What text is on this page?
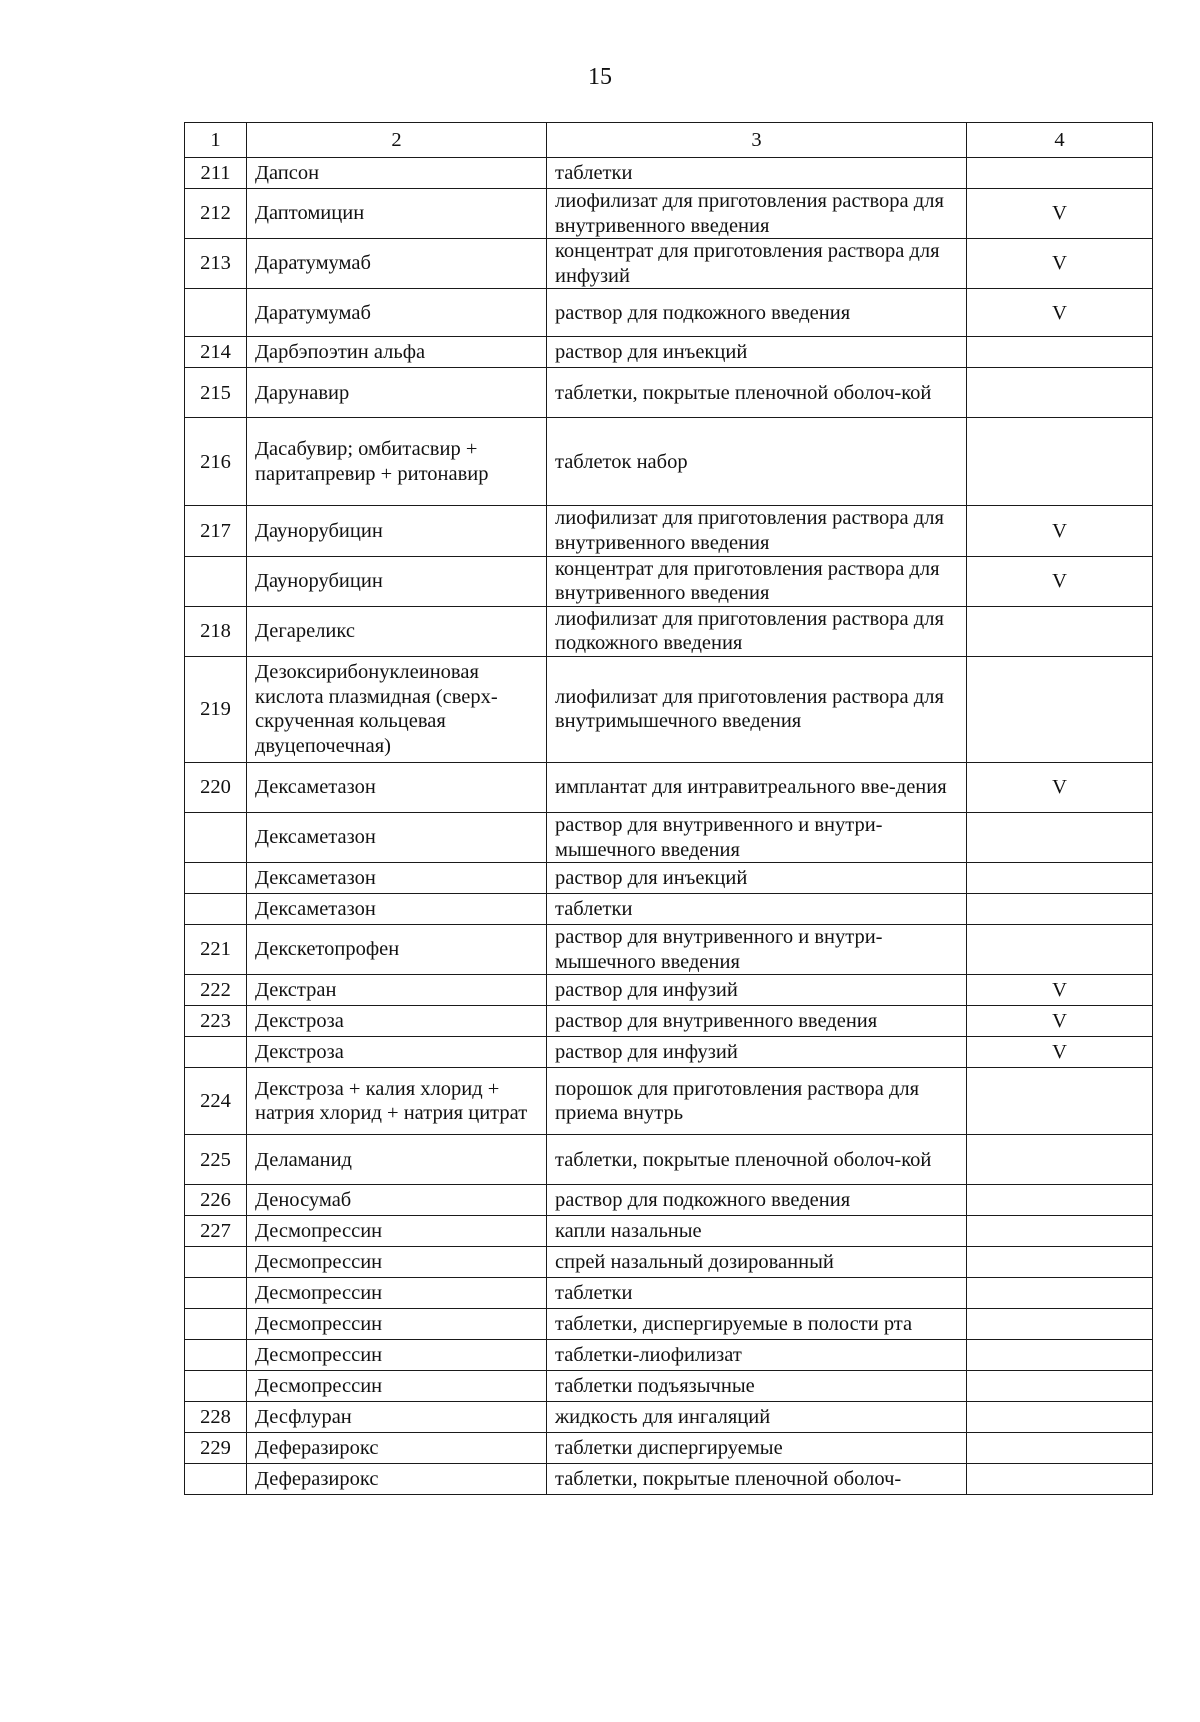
15
1	2	3	4
211	Дапсон	таблетки	
212	Даптомицин	лиофилизат для приготовления раствора для внутривенного введения	V
213	Даратумумаб	концентрат для приготовления раствора для инфузий	V
	Даратумумаб	раствор для подкожного введения	V
214	Дарбэпоэтин альфа	раствор для инъекций	
215	Дарунавир	таблетки, покрытые пленочной оболоч-кой	
216	Дасабувир; омбитасвир + паритапревир + ритонавир	таблеток набор	
217	Даунорубицин	лиофилизат для приготовления раствора для внутривенного введения	V
	Даунорубицин	концентрат для приготовления раствора для внутривенного введения	V
218	Дегареликс	лиофилизат для приготовления раствора для подкожного введения	
219	Дезоксирибонуклеиновая кислота плазмидная (сверх-скрученная кольцевая двуцепочечная)	лиофилизат для приготовления раствора для внутримышечного введения	
220	Дексаметазон	имплантат для интравитреального вве-дения	V
	Дексаметазон	раствор для внутривенного и внутри-мышечного введения	
	Дексаметазон	раствор для инъекций	
	Дексаметазон	таблетки	
221	Декскетопрофен	раствор для внутривенного и внутри-мышечного введения	
222	Декстран	раствор для инфузий	V
223	Декстроза	раствор для внутривенного введения	V
	Декстроза	раствор для инфузий	V
224	Декстроза + калия хлорид + натрия хлорид + натрия цитрат	порошок для приготовления раствора для приема внутрь	
225	Деламанид	таблетки, покрытые пленочной оболоч-кой	
226	Деносумаб	раствор для подкожного введения	
227	Десмопрессин	капли назальные	
	Десмопрессин	спрей назальный дозированный	
	Десмопрессин	таблетки	
	Десмопрессин	таблетки, диспергируемые в полости рта	
	Десмопрессин	таблетки-лиофилизат	
	Десмопрессин	таблетки подъязычные	
228	Десфлуран	жидкость для ингаляций	
229	Деферазирокс	таблетки диспергируемые	
	Деферазирокс	таблетки, покрытые пленочной оболоч-	
